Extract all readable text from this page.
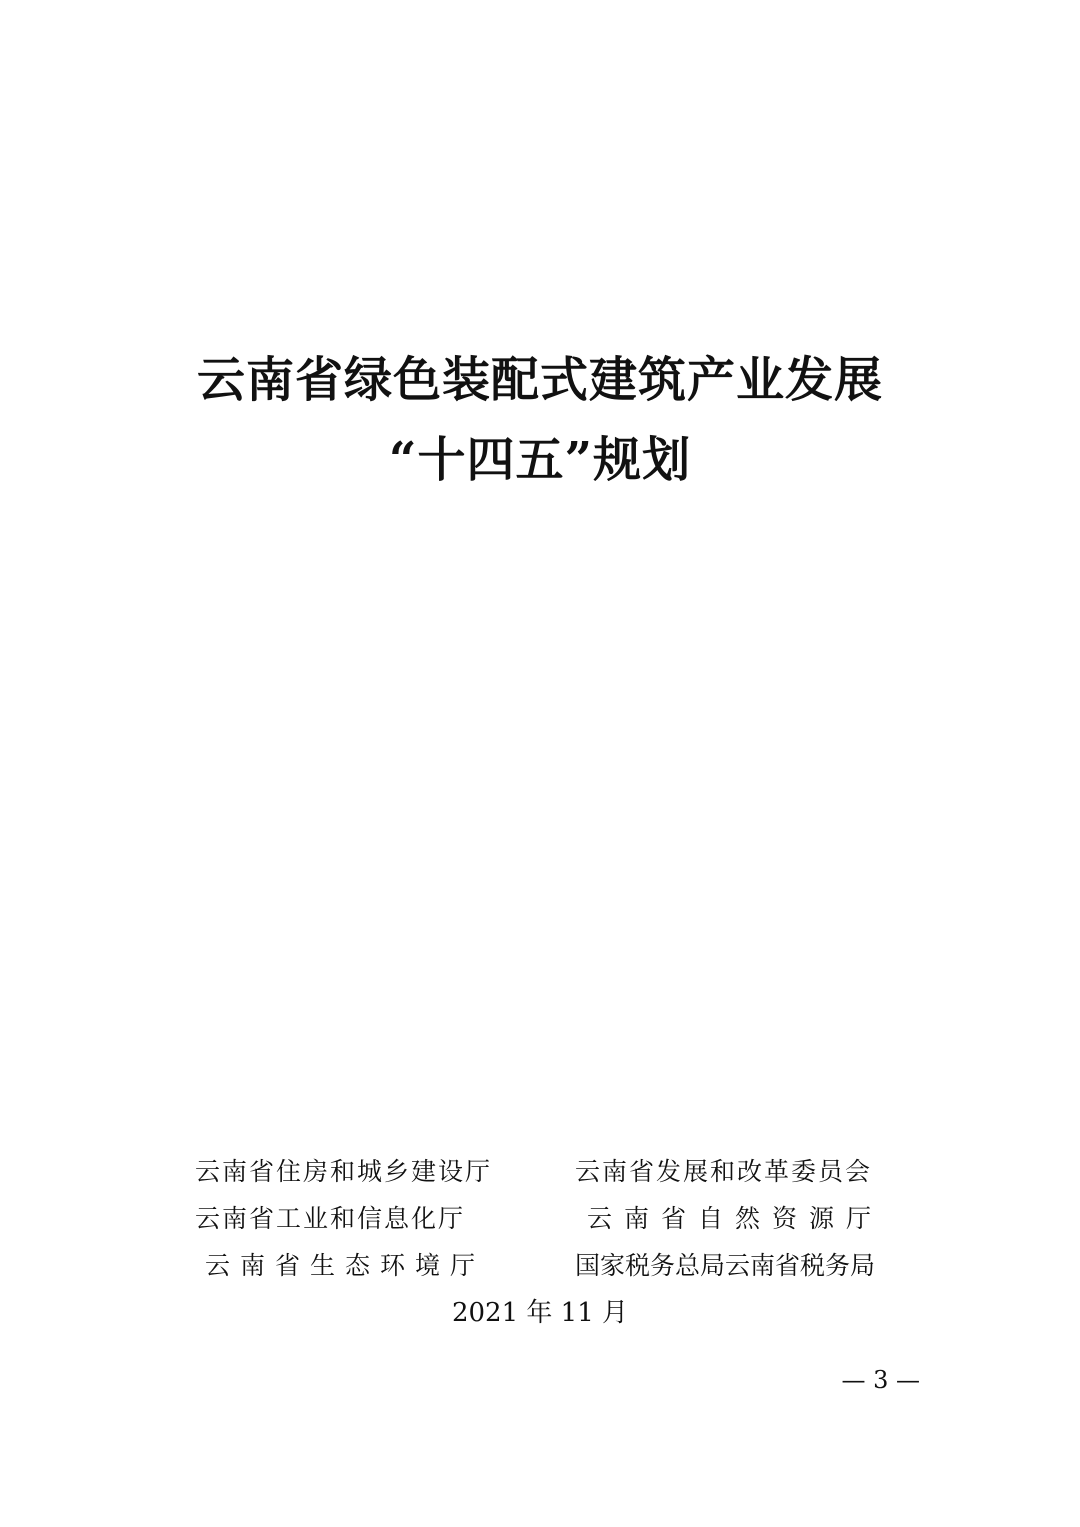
云南省绿色装配式建筑产业发展
“十四五”规划
云南省住房和城乡建设厅	云南省发展和改革委员会
云南省工业和信息化厅	云南省自然资源厅
云南省生态环境厅	国家税务总局云南省税务局
2021 年 11 月
— 3 —
